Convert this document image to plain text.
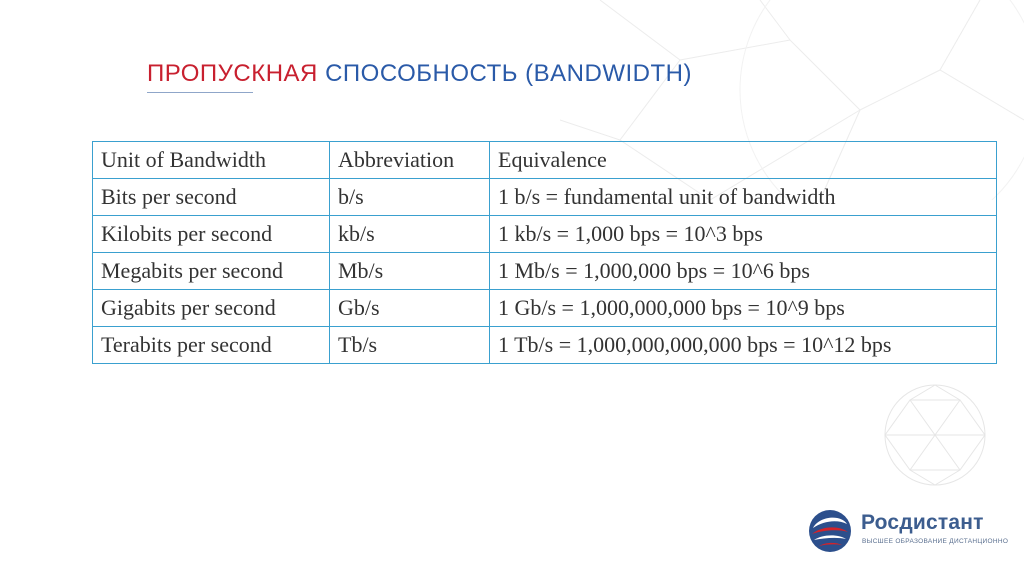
ПРОПУСКНАЯ СПОСОБНОСТЬ (BANDWIDTH)
Unit of Bandwidth	Abbreviation	Equivalence
Bits per second	b/s	1 b/s = fundamental unit of bandwidth
Kilobits per second	kb/s	1 kb/s = 1,000 bps = 10^3 bps
Megabits per second	Mb/s	1 Mb/s = 1,000,000 bps = 10^6 bps
Gigabits per second	Gb/s	1 Gb/s = 1,000,000,000 bps = 10^9 bps
Terabits per second	Tb/s	1 Tb/s = 1,000,000,000,000 bps = 10^12 bps
Росдистант
ВЫСШЕЕ ОБРАЗОВАНИЕ ДИСТАНЦИОННО
